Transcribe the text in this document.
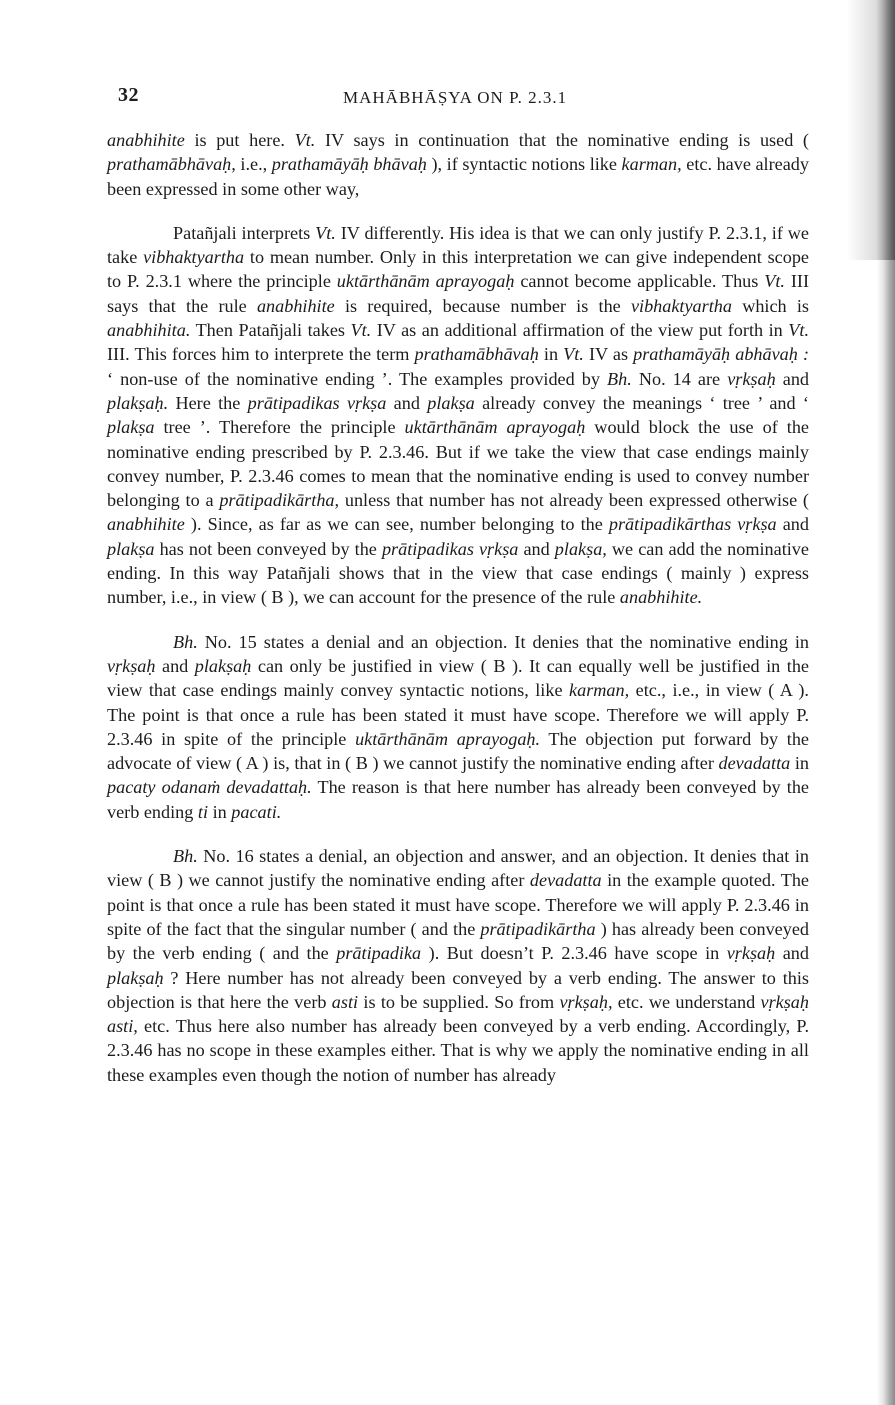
32	MAHĀBHĀṢYA ON P. 2.3.1

anabhihite is put here. Vt. IV says in continuation that the nominative ending is used ( prathamābhāvaḥ, i.e., prathamāyāḥ bhāvaḥ ), if syntactic notions like karman, etc. have already been expressed in some other way,

Patañjali interprets Vt. IV differently. His idea is that we can only justify P. 2.3.1, if we take vibhaktyartha to mean number. Only in this interpretation we can give independent scope to P. 2.3.1 where the principle uktārthānām aprayogaḥ cannot become applicable. Thus Vt. III says that the rule anabhihite is required, because number is the vibhaktyartha which is anabhihita. Then Patañjali takes Vt. IV as an additional affirmation of the view put forth in Vt. III. This forces him to interprete the term prathamābhāvaḥ in Vt. IV as prathamāyāḥ abhāvaḥ : ‘ non-use of the nominative ending ’. The examples provided by Bh. No. 14 are vṛkṣaḥ and plakṣaḥ. Here the prātipadikas vṛkṣa and plakṣa already convey the meanings ‘ tree ’ and ‘ plakṣa tree ’. Therefore the principle uktārthānām aprayogaḥ would block the use of the nominative ending prescribed by P. 2.3.46. But if we take the view that case endings mainly convey number, P. 2.3.46 comes to mean that the nominative ending is used to convey number belonging to a prātipadikārtha, unless that number has not already been expressed otherwise ( anabhihite ). Since, as far as we can see, number belonging to the prātipadikārthas vṛkṣa and plakṣa has not been conveyed by the prātipadikas vṛkṣa and plakṣa, we can add the nominative ending. In this way Patañjali shows that in the view that case endings ( mainly ) express number, i.e., in view ( B ), we can account for the presence of the rule anabhihite.

Bh. No. 15 states a denial and an objection. It denies that the nominative ending in vṛkṣaḥ and plakṣaḥ can only be justified in view ( B ). It can equally well be justified in the view that case endings mainly convey syntactic notions, like karman, etc., i.e., in view ( A ). The point is that once a rule has been stated it must have scope. Therefore we will apply P. 2.3.46 in spite of the principle uktārthānām aprayogaḥ. The objection put forward by the advocate of view ( A ) is, that in ( B ) we cannot justify the nominative ending after devadatta in pacaty odanaṁ devadattaḥ. The reason is that here number has already been conveyed by the verb ending ti in pacati.

Bh. No. 16 states a denial, an objection and answer, and an objection. It denies that in view ( B ) we cannot justify the nominative ending after devadatta in the example quoted. The point is that once a rule has been stated it must have scope. Therefore we will apply P. 2.3.46 in spite of the fact that the singular number ( and the prātipadikārtha ) has already been conveyed by the verb ending ( and the prātipadika ). But doesn’t P. 2.3.46 have scope in vṛkṣaḥ and plakṣaḥ ? Here number has not already been conveyed by a verb ending. The answer to this objection is that here the verb asti is to be supplied. So from vṛkṣaḥ, etc. we understand vṛkṣaḥ asti, etc. Thus here also number has already been conveyed by a verb ending. Accordingly, P. 2.3.46 has no scope in these examples either. That is why we apply the nominative ending in all these examples even though the notion of number has already
